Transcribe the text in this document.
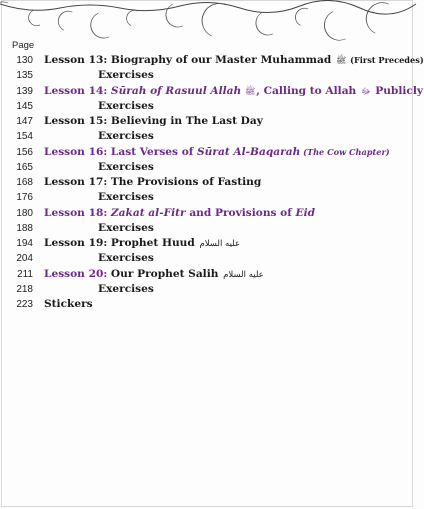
Page
130 Lesson 13: Biography of our Master Muhammad ﷺ (First Precedes)
135	Exercises
139 Lesson 14: Sūrah of Rasuul Allah ﷺ, Calling to Allah ﷻ Publicly
145	Exercises
147 Lesson 15: Believing in The Last Day
154	Exercises
156 Lesson 16: Last Verses of Sūrat Al-Baqarah (The Cow Chapter)
165	Exercises
168 Lesson 17: The Provisions of Fasting
176	Exercises
180 Lesson 18: Zakat al-Fitr and Provisions of Eid
188	Exercises
194 Lesson 19: Prophet Huud عليه السلام
204	Exercises
211 Lesson 20: Our Prophet Salih عليه السلام
218	Exercises
223 Stickers
